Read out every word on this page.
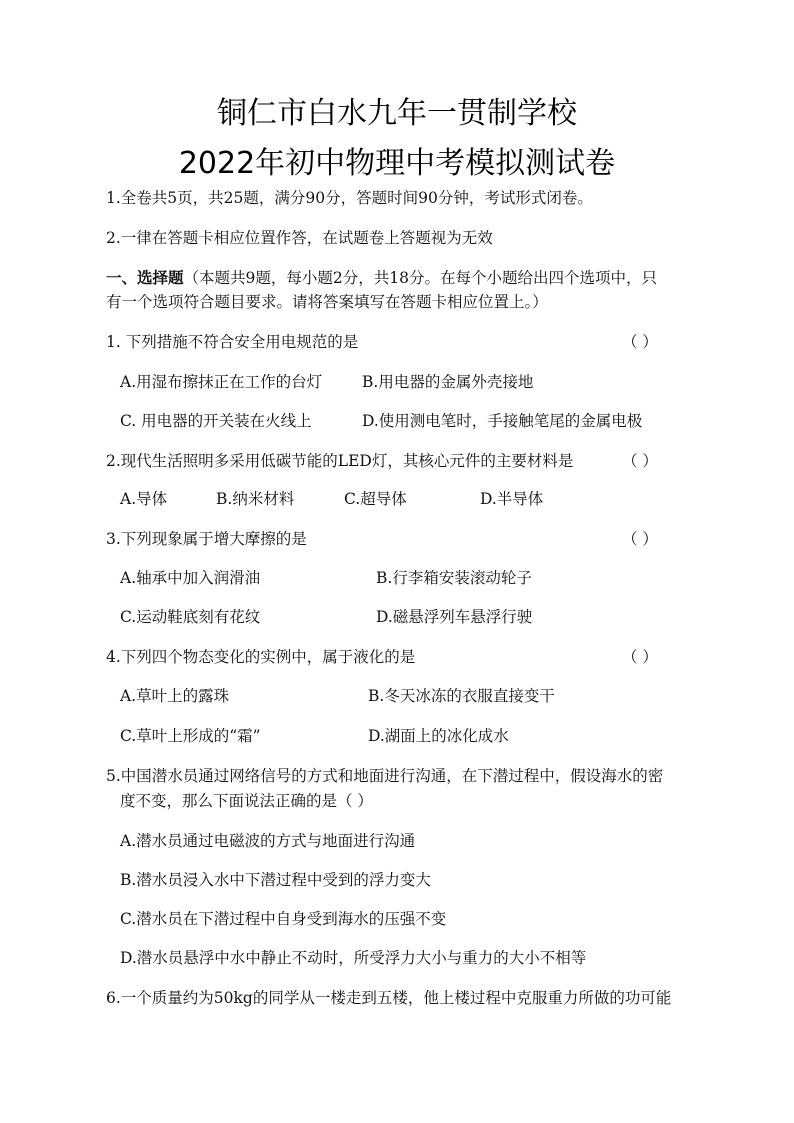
铜仁市白水九年一贯制学校
2022年初中物理中考模拟测试卷
1.全卷共5页，共25题，满分90分，答题时间90分钟，考试形式闭卷。
2.一律在答题卡相应位置作答，在试题卷上答题视为无效
一、选择题（本题共9题，每小题2分，共18分。在每个小题给出四个选项中，只
有一个选项符合题目要求。请将答案填写在答题卡相应位置上。）
1. 下列措施不符合安全用电规范的是	（ ）
A.用湿布擦抹正在工作的台灯	B.用电器的金属外壳接地
C. 用电器的开关装在火线上	D.使用测电笔时，手接触笔尾的金属电极
2.现代生活照明多采用低碳节能的LED灯，其核心元件的主要材料是	（ ）
A.导体	B.纳米材料	C.超导体	D.半导体
3.下列现象属于增大摩擦的是	（ ）
A.轴承中加入润滑油	B.行李箱安装滚动轮子
C.运动鞋底刻有花纹	D.磁悬浮列车悬浮行驶
4.下列四个物态变化的实例中，属于液化的是	（ ）
A.草叶上的露珠	B.冬天冰冻的衣服直接变干
C.草叶上形成的“霜”	D.湖面上的冰化成水
5.中国潜水员通过网络信号的方式和地面进行沟通，在下潜过程中，假设海水的密
度不变，那么下面说法正确的是（ ）
A.潜水员通过电磁波的方式与地面进行沟通
B.潜水员浸入水中下潜过程中受到的浮力变大
C.潜水员在下潜过程中自身受到海水的压强不变
D.潜水员悬浮中水中静止不动时，所受浮力大小与重力的大小不相等
6.一个质量约为50kg的同学从一楼走到五楼，他上楼过程中克服重力所做的功可能
